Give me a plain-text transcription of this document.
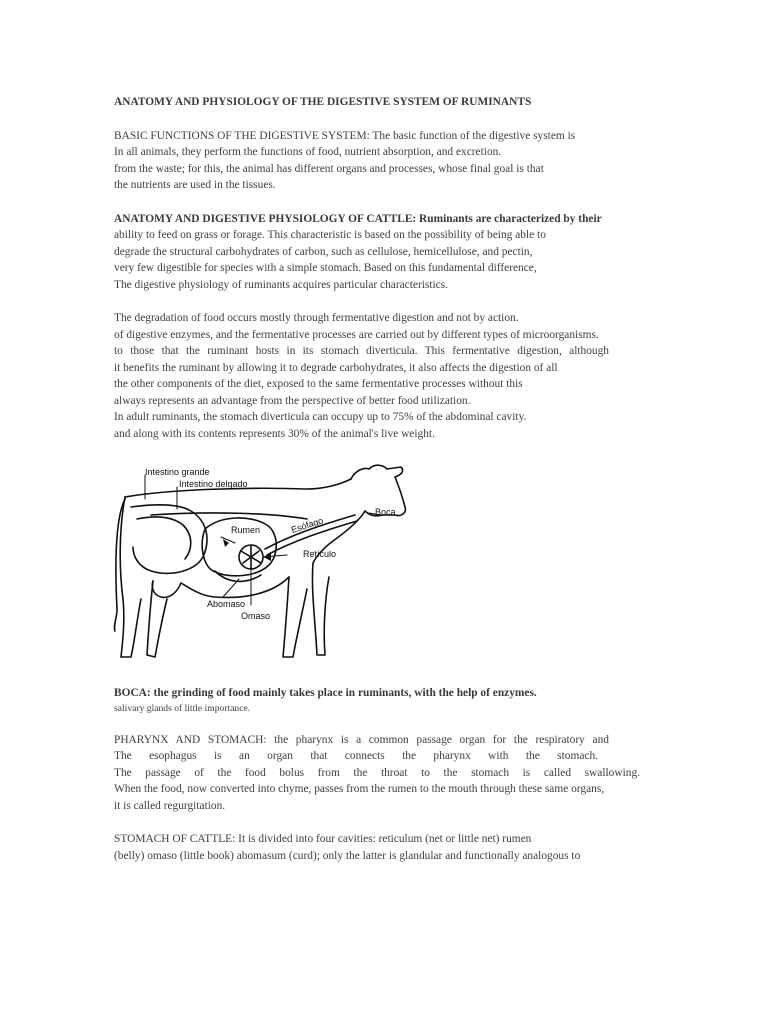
ANATOMY AND PHYSIOLOGY OF THE DIGESTIVE SYSTEM OF RUMINANTS

BASIC FUNCTIONS OF THE DIGESTIVE SYSTEM: The basic function of the digestive system is

In all animals, they perform the functions of food, nutrient absorption, and excretion.

from the waste; for this, the animal has different organs and processes, whose final goal is that

the nutrients are used in the tissues.

ANATOMY AND DIGESTIVE PHYSIOLOGY OF CATTLE: Ruminants are characterized by their

ability to feed on grass or forage. This characteristic is based on the possibility of being able to

degrade the structural carbohydrates of carbon, such as cellulose, hemicellulose, and pectin,

very few digestible for species with a simple stomach. Based on this fundamental difference,

The digestive physiology of ruminants acquires particular characteristics.

The degradation of food occurs mostly through fermentative digestion and not by action.

of digestive enzymes, and the fermentative processes are carried out by different types of microorganisms.

to those that the ruminant hosts in its stomach diverticula. This fermentative digestion, although

it benefits the ruminant by allowing it to degrade carbohydrates, it also affects the digestion of all

the other components of the diet, exposed to the same fermentative processes without this

always represents an advantage from the perspective of better food utilization.

In adult ruminants, the stomach diverticula can occupy up to 75% of the abdominal cavity.

and along with its contents represents 30% of the animal's live weight.

Intestino grande
Intestino delgado
Rumen	Esófago
Boca
Retículo
Abomaso
Omaso

BOCA: the grinding of food mainly takes place in ruminants, with the help of enzymes.

salivary glands of little importance.

PHARYNX AND STOMACH: the pharynx is a common passage organ for the respiratory and

The esophagus is an organ that connects the pharynx with the stomach.

The passage of the food bolus from the throat to the stomach is called swallowing.

When the food, now converted into chyme, passes from the rumen to the mouth through these same organs,

it is called regurgitation.

STOMACH OF CATTLE: It is divided into four cavities: reticulum (net or little net) rumen

(belly) omaso (little book) abomasum (curd); only the latter is glandular and functionally analogous to
